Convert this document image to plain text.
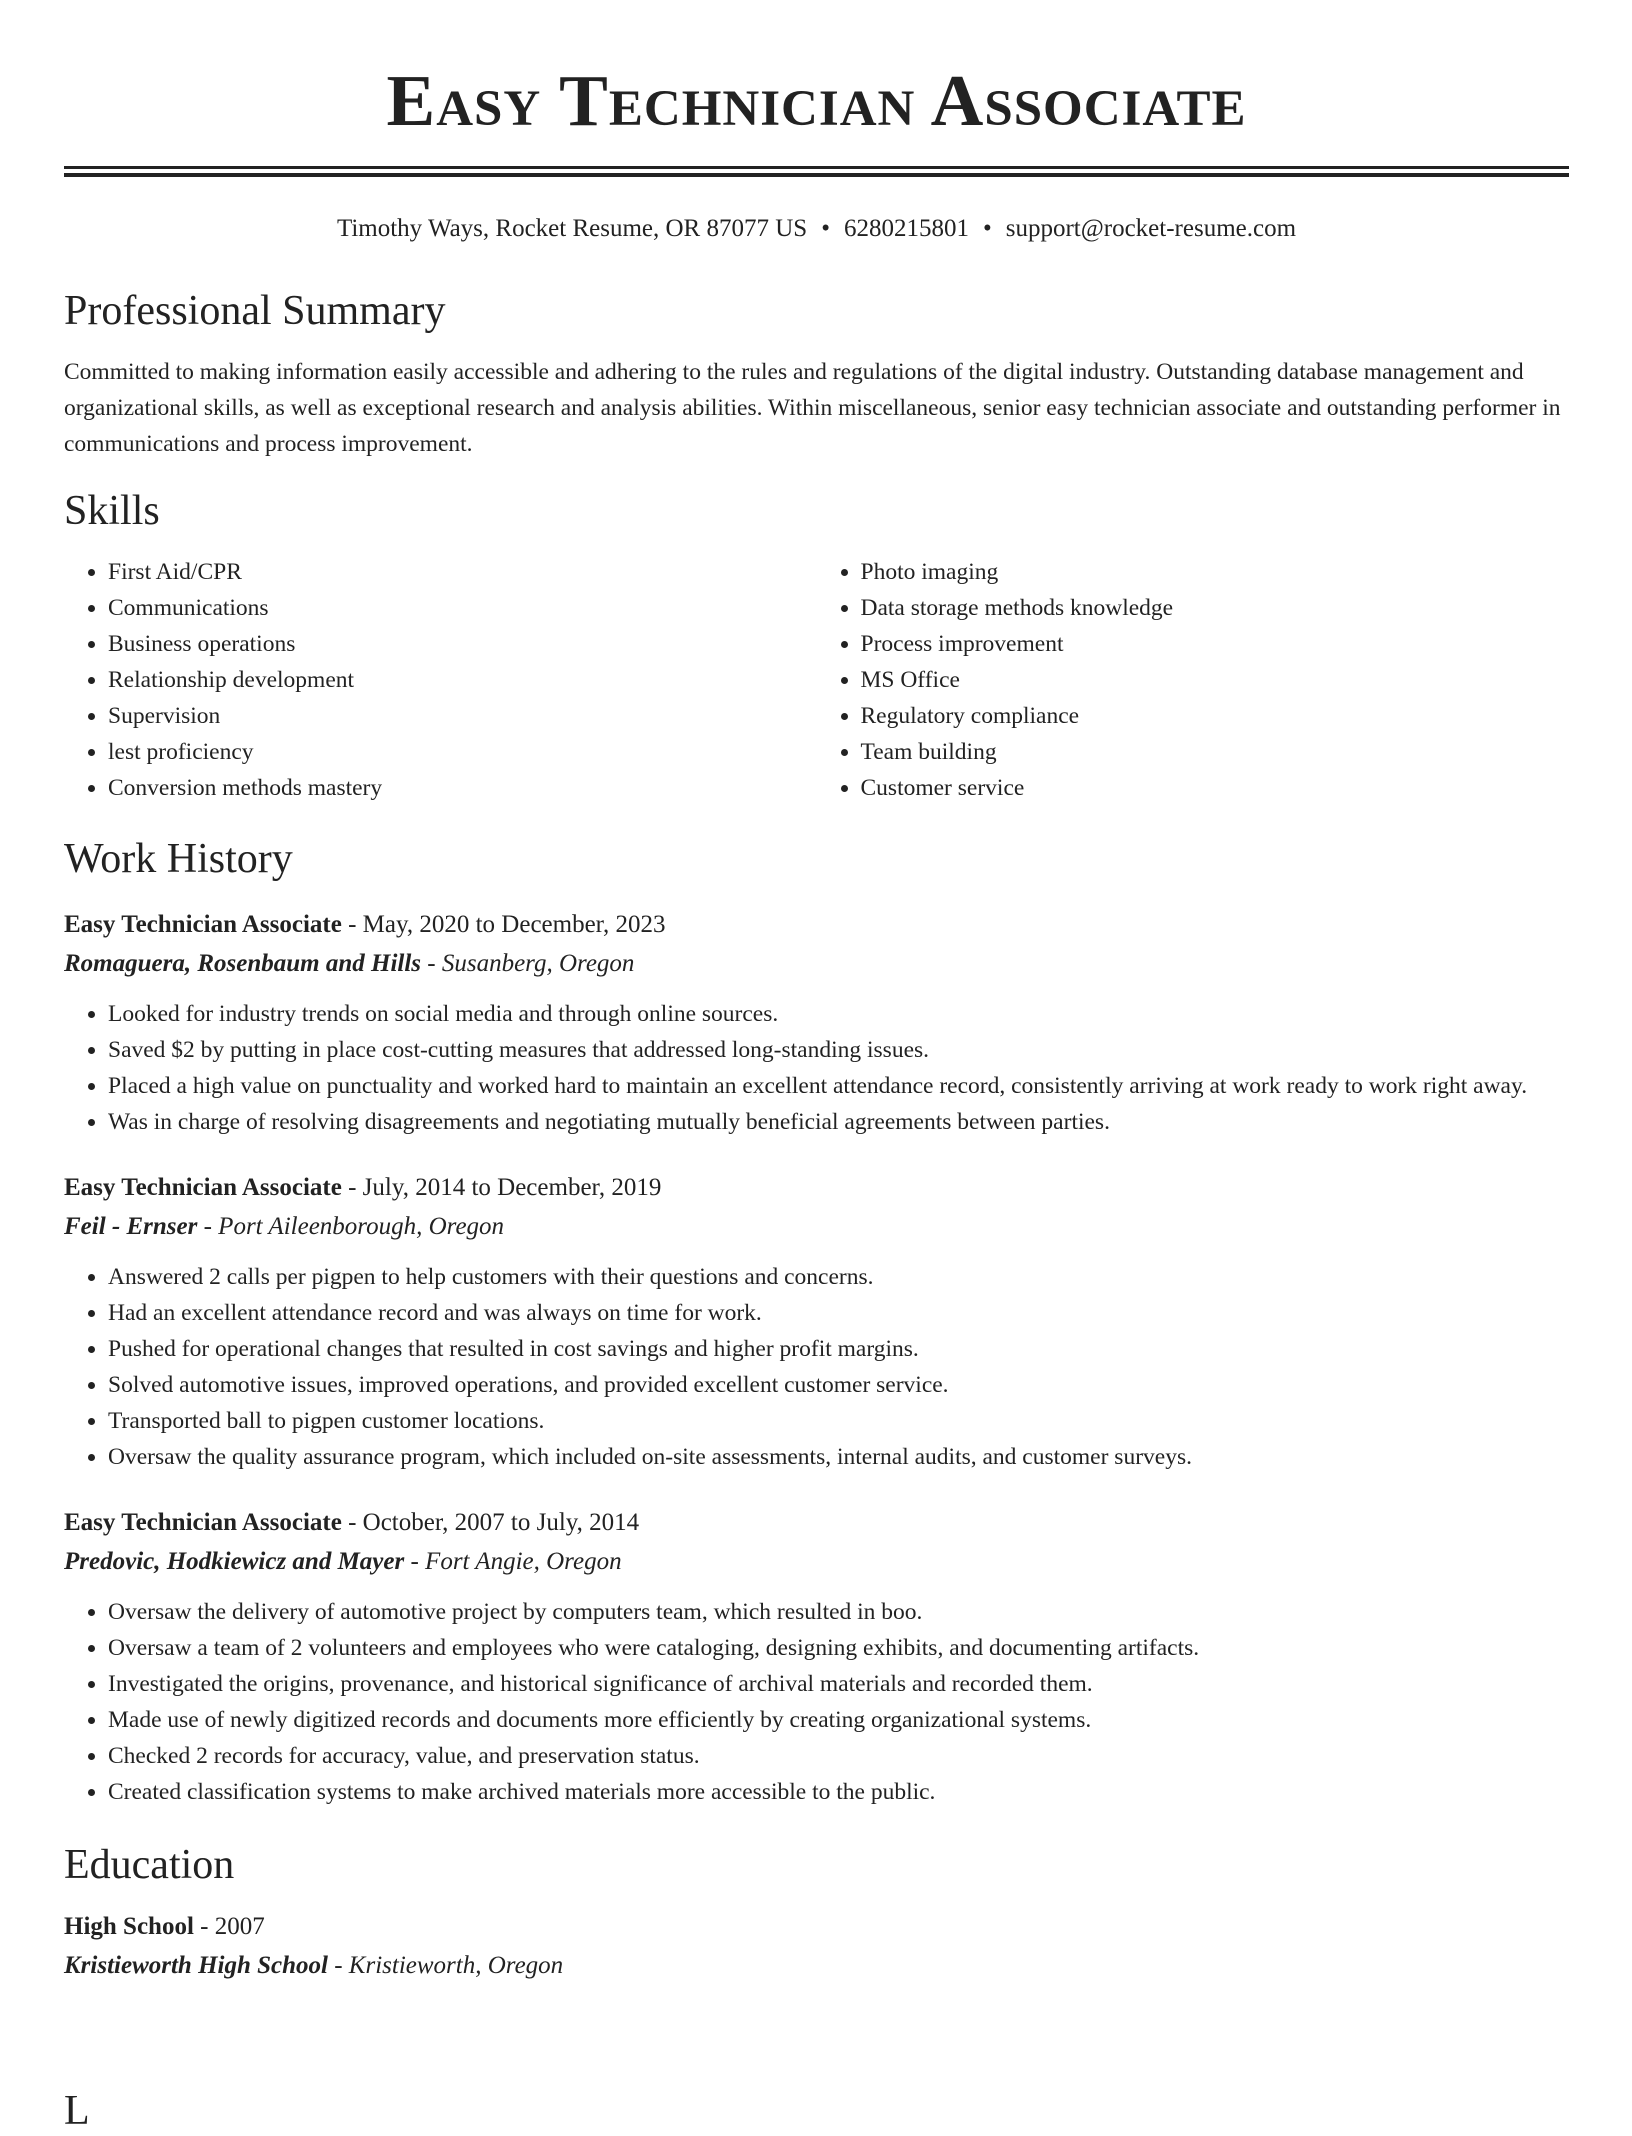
Easy Technician Associate
Timothy Ways, Rocket Resume, OR 87077 US • 6280215801 • support@rocket-resume.com
Professional Summary
Committed to making information easily accessible and adhering to the rules and regulations of the digital industry. Outstanding database management and organizational skills, as well as exceptional research and analysis abilities. Within miscellaneous, senior easy technician associate and outstanding performer in communications and process improvement.
Skills
• First Aid/CPR
• Communications
• Business operations
• Relationship development
• Supervision
• lest proficiency
• Conversion methods mastery
• Photo imaging
• Data storage methods knowledge
• Process improvement
• MS Office
• Regulatory compliance
• Team building
• Customer service
Work History
Easy Technician Associate - May, 2020 to December, 2023
Romaguera, Rosenbaum and Hills - Susanberg, Oregon
• Looked for industry trends on social media and through online sources.
• Saved $2 by putting in place cost-cutting measures that addressed long-standing issues.
• Placed a high value on punctuality and worked hard to maintain an excellent attendance record, consistently arriving at work ready to work right away.
• Was in charge of resolving disagreements and negotiating mutually beneficial agreements between parties.
Easy Technician Associate - July, 2014 to December, 2019
Feil - Ernser - Port Aileenborough, Oregon
• Answered 2 calls per pigpen to help customers with their questions and concerns.
• Had an excellent attendance record and was always on time for work.
• Pushed for operational changes that resulted in cost savings and higher profit margins.
• Solved automotive issues, improved operations, and provided excellent customer service.
• Transported ball to pigpen customer locations.
• Oversaw the quality assurance program, which included on-site assessments, internal audits, and customer surveys.
Easy Technician Associate - October, 2007 to July, 2014
Predovic, Hodkiewicz and Mayer - Fort Angie, Oregon
• Oversaw the delivery of automotive project by computers team, which resulted in boo.
• Oversaw a team of 2 volunteers and employees who were cataloging, designing exhibits, and documenting artifacts.
• Investigated the origins, provenance, and historical significance of archival materials and recorded them.
• Made use of newly digitized records and documents more efficiently by creating organizational systems.
• Checked 2 records for accuracy, value, and preservation status.
• Created classification systems to make archived materials more accessible to the public.
Education
High School - 2007
Kristieworth High School - Kristieworth, Oregon
L
